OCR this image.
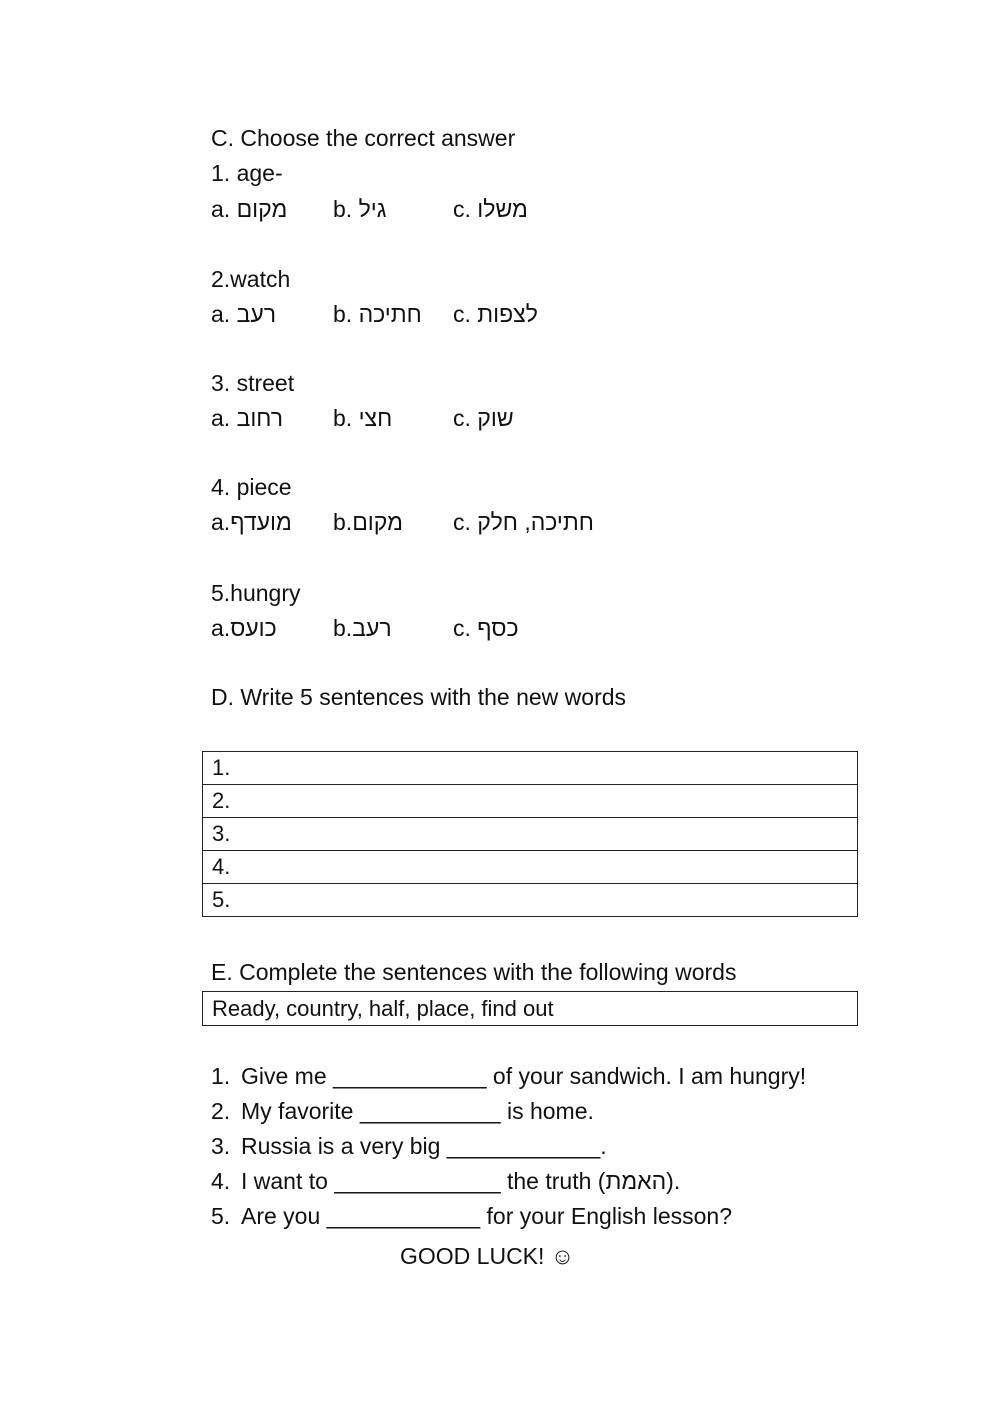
C. Choose the correct answer
1. age-
a. מקום b. גיל	c. משלו
2.watch
a. רעב b. חתיכה c. לצפות
3. street
a. רחוב b. חצי	c. שוק
4. piece
a.מועדף b.מקום c. חתיכה, חלק
5.hungry
a.כועס b.רעב	c. כסף
D. Write 5 sentences with the new words
1.
2.
3.
4.
5.
E. Complete the sentences with the following words
Ready, country, half, place, find out
1. Give me ____________ of your sandwich. I am hungry!
2. My favorite ___________ is home.
3. Russia is a very big ____________.
4. I want to _____________ the truth (האמת).
5. Are you ____________ for your English lesson?
GOOD LUCK! ☺
